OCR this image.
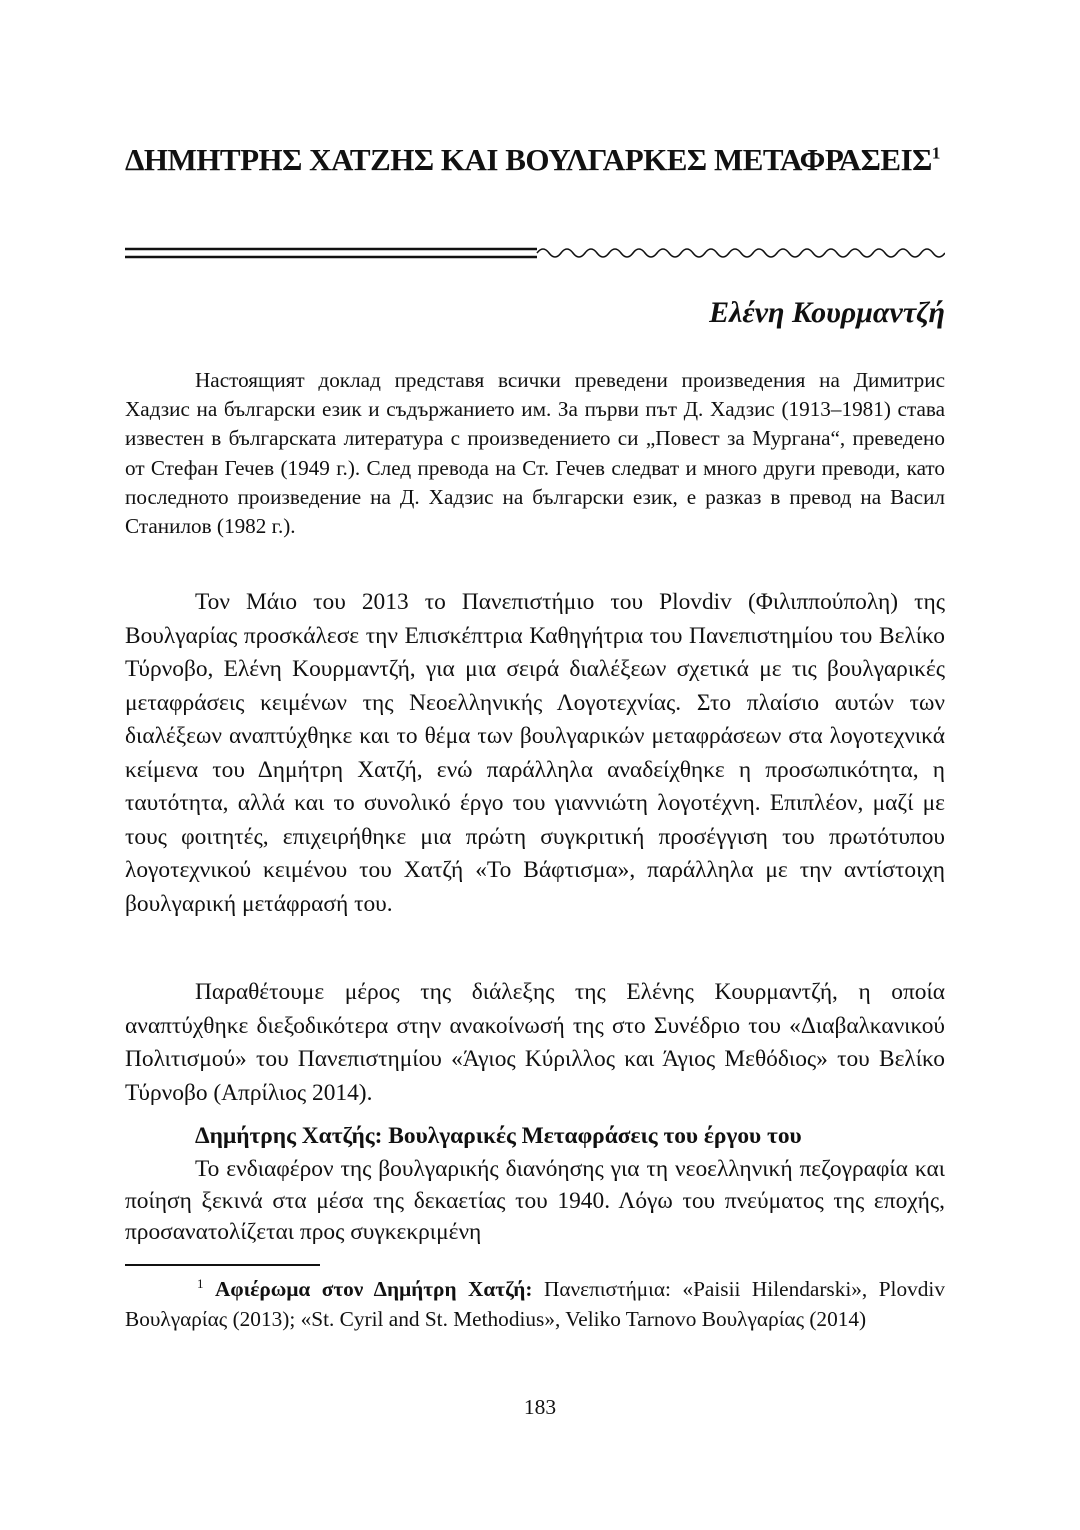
ΔΗΜΗΤΡΗΣ ΧΑΤΖΗΣ ΚΑΙ ΒΟΥΛΓΑΡΚΕΣ ΜΕΤΑΦΡΑΣΕΙΣ$^1$
Ελένη Κουρμαντζή
Настоящият доклад представя всички преведени произведения на Димитрис Хадзис на български език и съдържанието им. За първи път Д. Хадзис (1913–1981) става известен в българската литература с произведението си „Повест за Мургана“, преведено от Стефан Гечев (1949 г.). След превода на Ст. Гечев следват и много други преводи, като последното произведение на Д. Хадзис на български език, е разказ в превод на Васил Станилов (1982 г.).
Τον Μάιο του 2013 το Πανεπιστήμιο του Plovdiv (Φιλιππούπολη) της Βουλγαρίας προσκάλεσε την Επισκέπτρια Καθηγήτρια του Πανεπιστημίου του Βελίκο Τύρνοβο, Ελένη Κουρμαντζή, για μια σειρά διαλέξεων σχετικά με τις βουλγαρικές μεταφράσεις κειμένων της Νεοελληνικής Λογοτεχνίας. Στο πλαίσιο αυτών των διαλέξεων αναπτύχθηκε και το θέμα των βουλγαρικών μεταφράσεων στα λογοτεχνικά κείμενα του Δημήτρη Χατζή, ενώ παράλληλα αναδείχθηκε η προσωπικότητα, η ταυτότητα, αλλά και το συνολικό έργο του γιαννιώτη λογοτέχνη. Επιπλέον, μαζί με τους φοιτητές, επιχειρήθηκε μια πρώτη συγκριτική προσέγγιση του πρωτότυπου λογοτεχνικού κειμένου του Χατζή «Το Βάφτισμα», παράλληλα με την αντίστοιχη βουλγαρική μετάφρασή του.
Παραθέτουμε μέρος της διάλεξης της Ελένης Κουρμαντζή, η οποία αναπτύχθηκε διεξοδικότερα στην ανακοίνωσή της στο Συνέδριο του «Διαβαλκανικού Πολιτισμού» του Πανεπιστημίου «Άγιος Κύριλλος και Άγιος Μεθόδιος» του Βελίκο Τύρνοβο (Απρίλιος 2014).
Δημήτρης Χατζής: Βουλγαρικές Μεταφράσεις του έργου του
Το ενδιαφέρον της βουλγαρικής διανόησης για τη νεοελληνική πεζογραφία και ποίηση ξεκινά στα μέσα της δεκαετίας του 1940. Λόγω του πνεύματος της εποχής, προσανατολίζεται προς συγκεκριμένη
$^1$ Αφιέρωμα στον Δημήτρη Χατζή: Πανεπιστήμια: «Paisii Hilendarski», Plovdiv Βουλγαρίας (2013); «St. Cyril and St. Methodius», Veliko Tarnovo Βουλγαρίας (2014)
183
